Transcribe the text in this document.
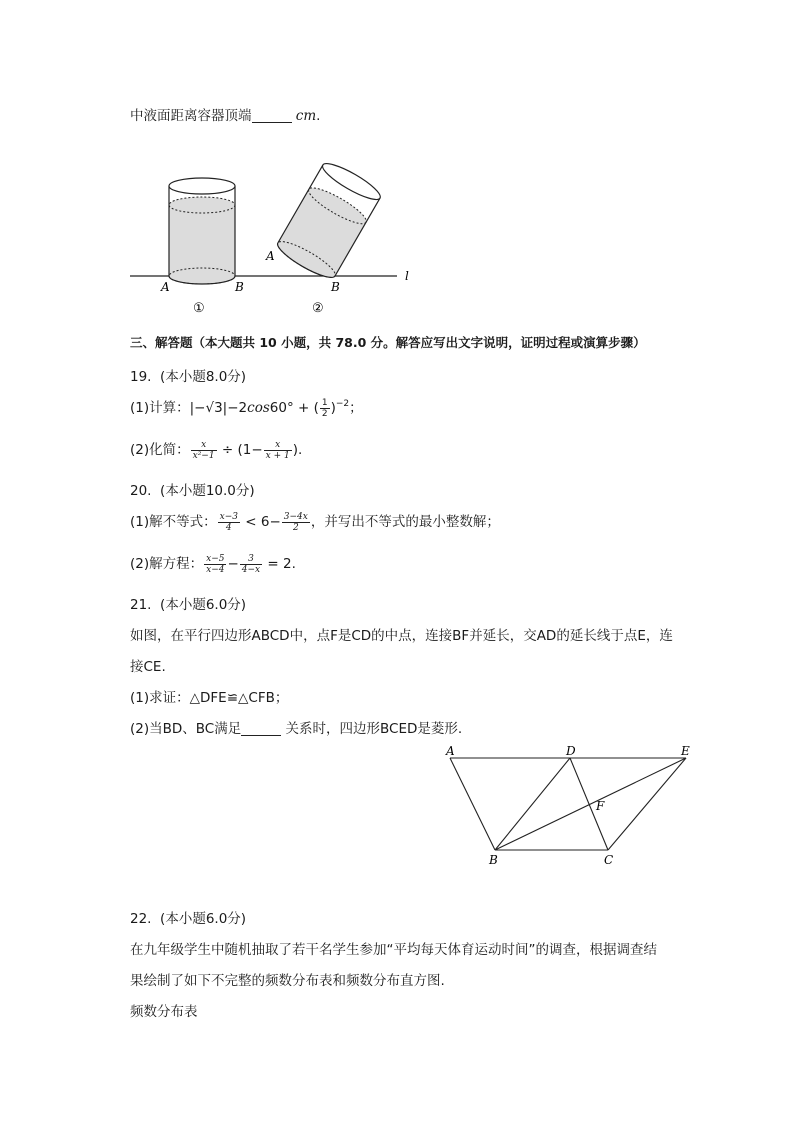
中液面距离容器顶端	cm.
l
A	B
①
A
B
②
三、解答题（本大题共 10 小题，共 78.0 分。解答应写出文字说明，证明过程或演算步骤）
19.  (本小题8.0分)
(1)计算：|−√3|−2cos60° + ( $\frac{1}{2} )^{-2}$；
(2)化简： $\frac{x}{\text{x²−1}} \div (1- \frac{x}{x + 1}$ ).
20.  (本小题10.0分)
(1)解不等式： $\frac{x-3}{4} < 6- \frac{3-4x}{2}$ ，并写出不等式的最小整数解；
(2)解方程： $\frac{x-5}{x-4} - \frac{3}{4-x} = 2$.
21.  (本小题6.0分)
如图，在平行四边形ABCD中，点F是CD的中点，连接BF并延长，交AD的延长线于点E，连
接CE.
(1)求证：△DFE≌△CFB；
(2)当BD、BC满足	关系时，四边形BCED是菱形.
A	D	E
F
B	C
22.  (本小题6.0分)
在九年级学生中随机抽取了若干名学生参加“平均每天体育运动时间”的调查，根据调查结
果绘制了如下不完整的频数分布表和频数分布直方图.
频数分布表
